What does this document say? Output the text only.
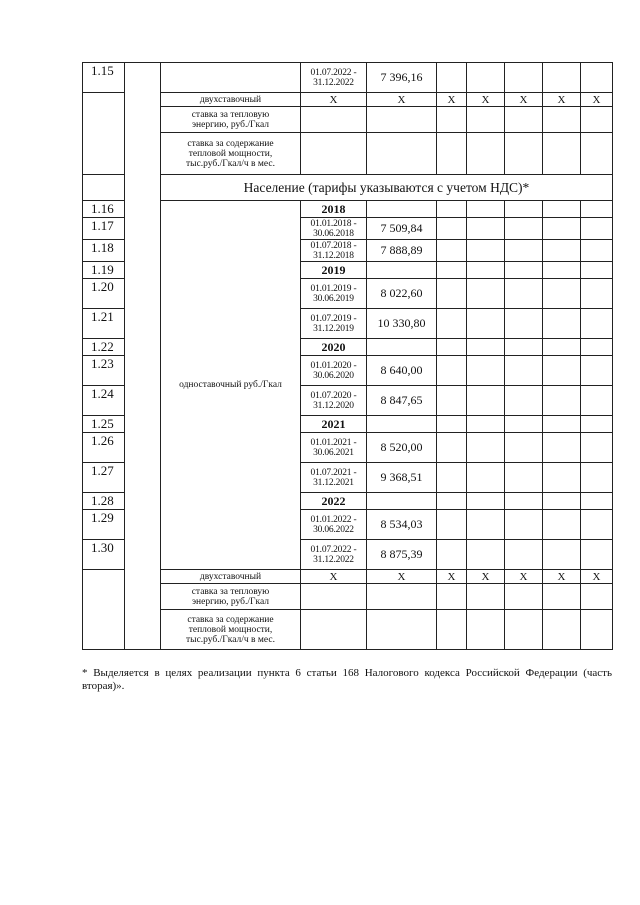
1.15			01.07.2022 -
31.12.2022	7 396,16					
		двухставочный	Х	Х	Х	Х	Х	Х	Х

		ставка за тепловую
энергию, руб./Гкал							

		ставка за содержание
тепловой мощности,
тыс.руб./Гкал/ч в мес.							

		Население (тарифы указываются с учетом НДС)*							
1.16		одноставочный руб./Гкал	2018						
1.17			01.01.2018 -
30.06.2018	7 509,84					
1.18			01.07.2018 -
31.12.2018	7 888,89					
1.19			2019						
1.20			01.01.2019 -
30.06.2019	8 022,60					
1.21			01.07.2019 -
31.12.2019	10 330,80					
1.22			2020						
1.23			01.01.2020 -
30.06.2020	8 640,00					
1.24			01.07.2020 -
31.12.2020	8 847,65					
1.25			2021						
1.26			01.01.2021 -
30.06.2021	8 520,00					
1.27			01.07.2021 -
31.12.2021	9 368,51					
1.28			2022						
1.29			01.01.2022 -
30.06.2022	8 534,03					
1.30			01.07.2022 -
31.12.2022	8 875,39					
		двухставочный	Х	Х	Х	Х	Х	Х	Х

		ставка за тепловую
энергию, руб./Гкал							

		ставка за содержание
тепловой мощности,
тыс.руб./Гкал/ч в мес.							

* Выделяется в целях реализации пункта 6 статьи 168 Налогового кодекса Российской Федерации (часть вторая)».
